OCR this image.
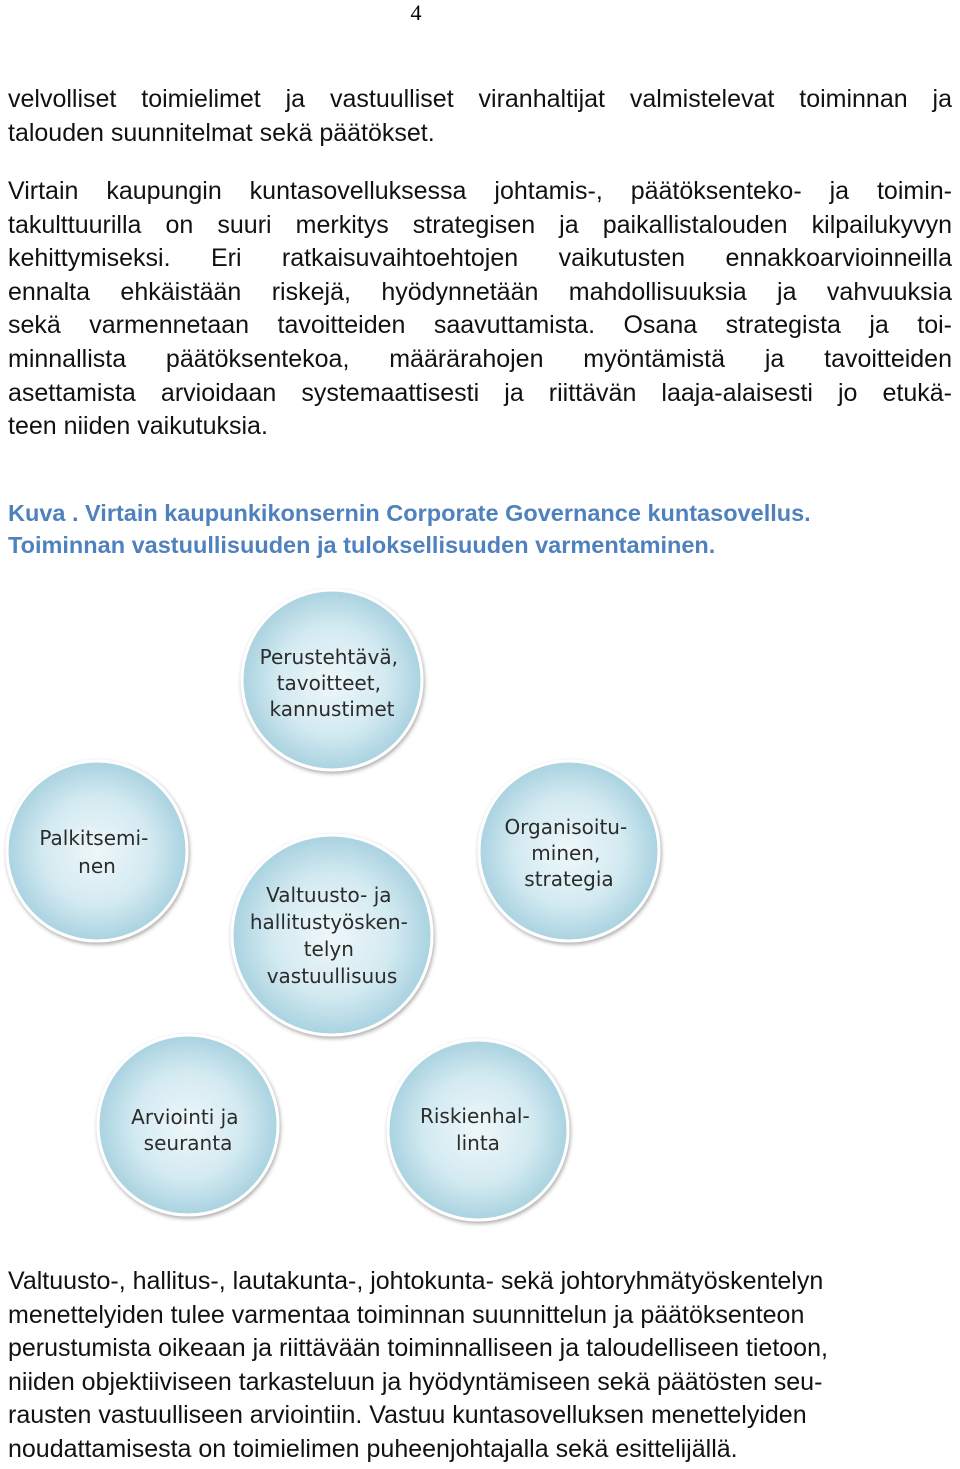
4
velvolliset toimielimet ja vastuulliset viranhaltijat valmistelevat toiminnan ja
talouden suunnitelmat sekä päätökset.
Virtain kaupungin kuntasovelluksessa johtamis-, päätöksenteko- ja toimin-
takulttuurilla on suuri merkitys strategisen ja paikallistalouden kilpailukyvyn
kehittymiseksi. Eri ratkaisuvaihtoehtojen vaikutusten ennakkoarvioinneilla
ennalta ehkäistään riskejä, hyödynnetään mahdollisuuksia ja vahvuuksia
sekä varmennetaan tavoitteiden saavuttamista. Osana strategista ja toi-
minnallista päätöksentekoa, määrärahojen myöntämistä ja tavoitteiden
asettamista arvioidaan systemaattisesti ja riittävän laaja-alaisesti jo etukä-
teen niiden vaikutuksia.
Kuva . Virtain kaupunkikonsernin Corporate Governance kuntasovellus.
Toiminnan vastuullisuuden ja tuloksellisuuden varmentaminen.
Perustehtävä, tavoitteet, kannustimet
Palkitsemi- nen
Organisoitu- minen, strategia
Arviointi ja seuranta
Riskienhal- linta
Valtuusto- ja hallitustyösken- telyn vastuullisuus
Valtuusto-, hallitus-, lautakunta-, johtokunta- sekä johtoryhmätyöskentelyn
menettelyiden tulee varmentaa toiminnan suunnittelun ja päätöksenteon
perustumista oikeaan ja riittävään toiminnalliseen ja taloudelliseen tietoon,
niiden objektiiviseen tarkasteluun ja hyödyntämiseen sekä päätösten seu-
rausten vastuulliseen arviointiin. Vastuu kuntasovelluksen menettelyiden
noudattamisesta on toimielimen puheenjohtajalla sekä esittelijällä.
